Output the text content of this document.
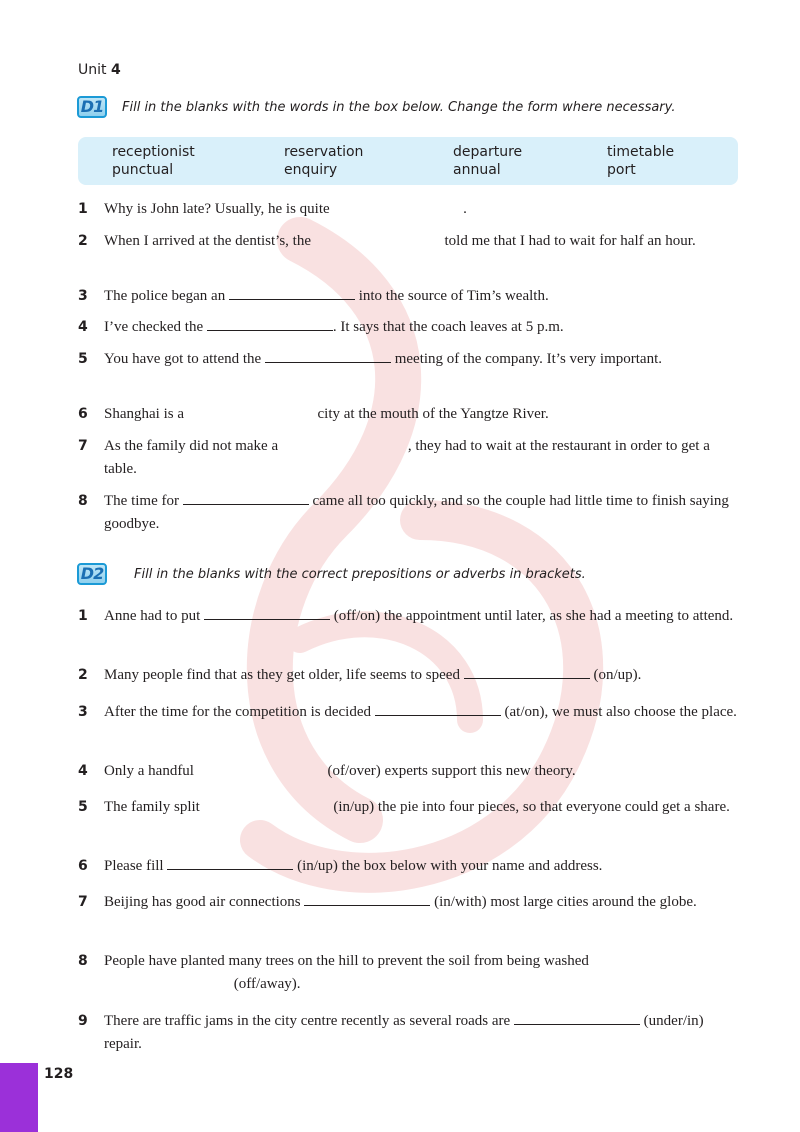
Unit 4
D1 Fill in the blanks with the words in the box below. Change the form where necessary.
receptionist	reservation	departure	timetable
punctual	enquiry	annual	port
1	Why is John late? Usually, he is quite	.
2	When I arrived at the dentist’s, the	told me that I had to wait for half an hour.
3	The police began an	into the source of Tim’s wealth.
4	I’ve checked the	. It says that the coach leaves at 5 p.m.
5	You have got to attend the	meeting of the company. It’s very important.
6	Shanghai is a	city at the mouth of the Yangtze River.
7	As the family did not make a	, they had to wait at the restaurant in order to get a table.
8	The time for	came all too quickly, and so the couple had little time to finish saying goodbye.
D2 Fill in the blanks with the correct prepositions or adverbs in brackets.
1	Anne had to put	(off/on) the appointment until later, as she had a meeting to attend.
2	Many people find that as they get older, life seems to speed	(on/up).
3	After the time for the competition is decided	(at/on), we must also choose the place.
4	Only a handful	(of/over) experts support this new theory.
5	The family split	(in/up) the pie into four pieces, so that everyone could get a share.
6	Please fill	(in/up) the box below with your name and address.
7	Beijing has good air connections	(in/with) most large cities around the globe.
8	People have planted many trees on the hill to prevent the soil from being washed
(off/away).
9	There are traffic jams in the city centre recently as several roads are	(under/in) repair.
128
